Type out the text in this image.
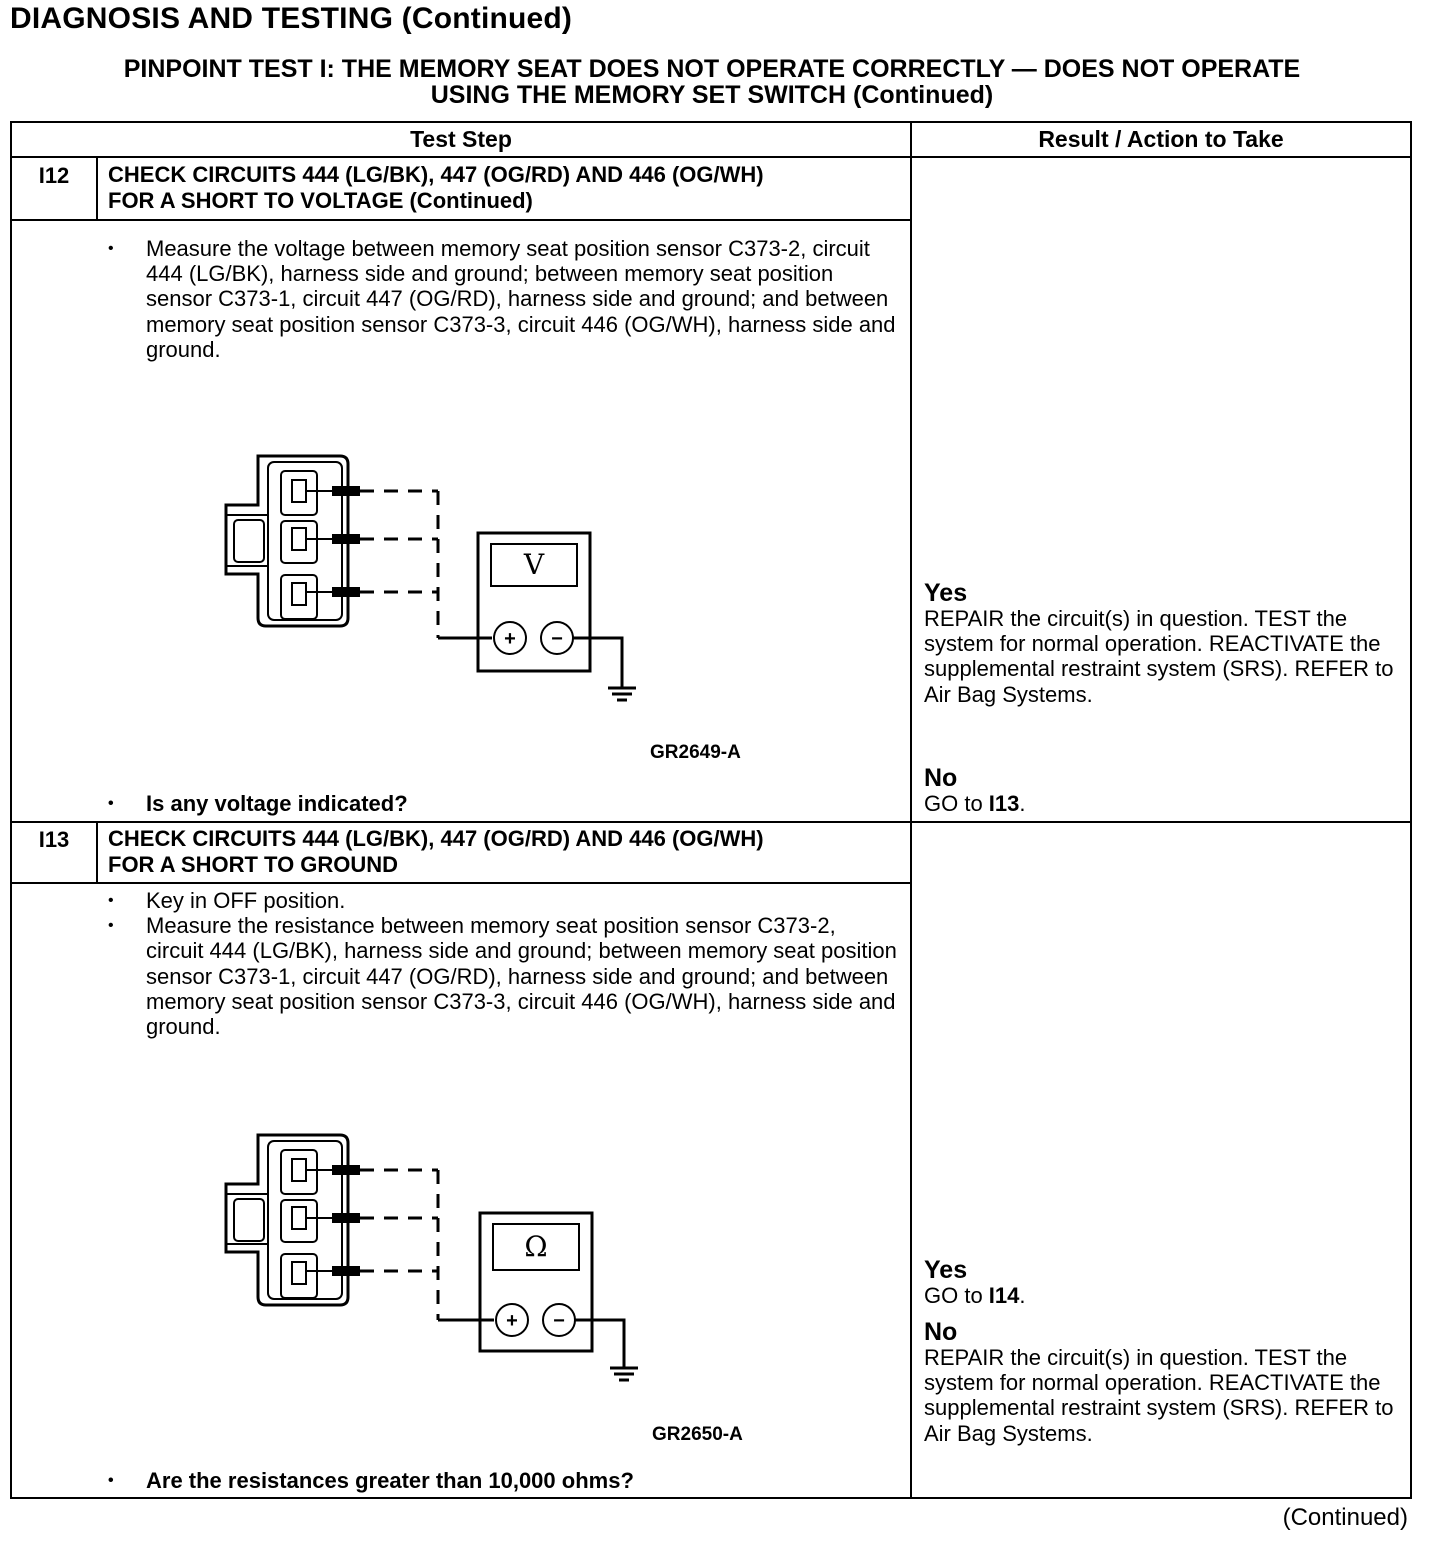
DIAGNOSIS AND TESTING (Continued)
PINPOINT TEST I: THE MEMORY SEAT DOES NOT OPERATE CORRECTLY — DOES NOT OPERATE
USING THE MEMORY SET SWITCH (Continued)
Test Step	Result / Action to Take
I12	CHECK CIRCUITS 444 (LG/BK), 447 (OG/RD) AND 446 (OG/WH)
FOR A SHORT TO VOLTAGE (Continued)
• Measure the voltage between memory seat position sensor C373-2, circuit 444 (LG/BK), harness side and ground; between memory seat position sensor C373-1, circuit 447 (OG/RD), harness side and ground; and between memory seat position sensor C373-3, circuit 446 (OG/WH), harness side and ground.
• Is any voltage indicated?
Yes
REPAIR the circuit(s) in question. TEST the system for normal operation. REACTIVATE the supplemental restraint system (SRS). REFER to Air Bag Systems.
No
GO to I13.
I13	CHECK CIRCUITS 444 (LG/BK), 447 (OG/RD) AND 446 (OG/WH)
FOR A SHORT TO GROUND
• Key in OFF position.
• Measure the resistance between memory seat position sensor C373-2, circuit 444 (LG/BK), harness side and ground; between memory seat position sensor C373-1, circuit 447 (OG/RD), harness side and ground; and between memory seat position sensor C373-3, circuit 446 (OG/WH), harness side and ground.
• Are the resistances greater than 10,000 ohms?
Yes
GO to I14.
No
REPAIR the circuit(s) in question. TEST the system for normal operation. REACTIVATE the supplemental restraint system (SRS). REFER to Air Bag Systems.
V
+ −
Ω
+ −
GR2649-A
GR2650-A
(Continued)
